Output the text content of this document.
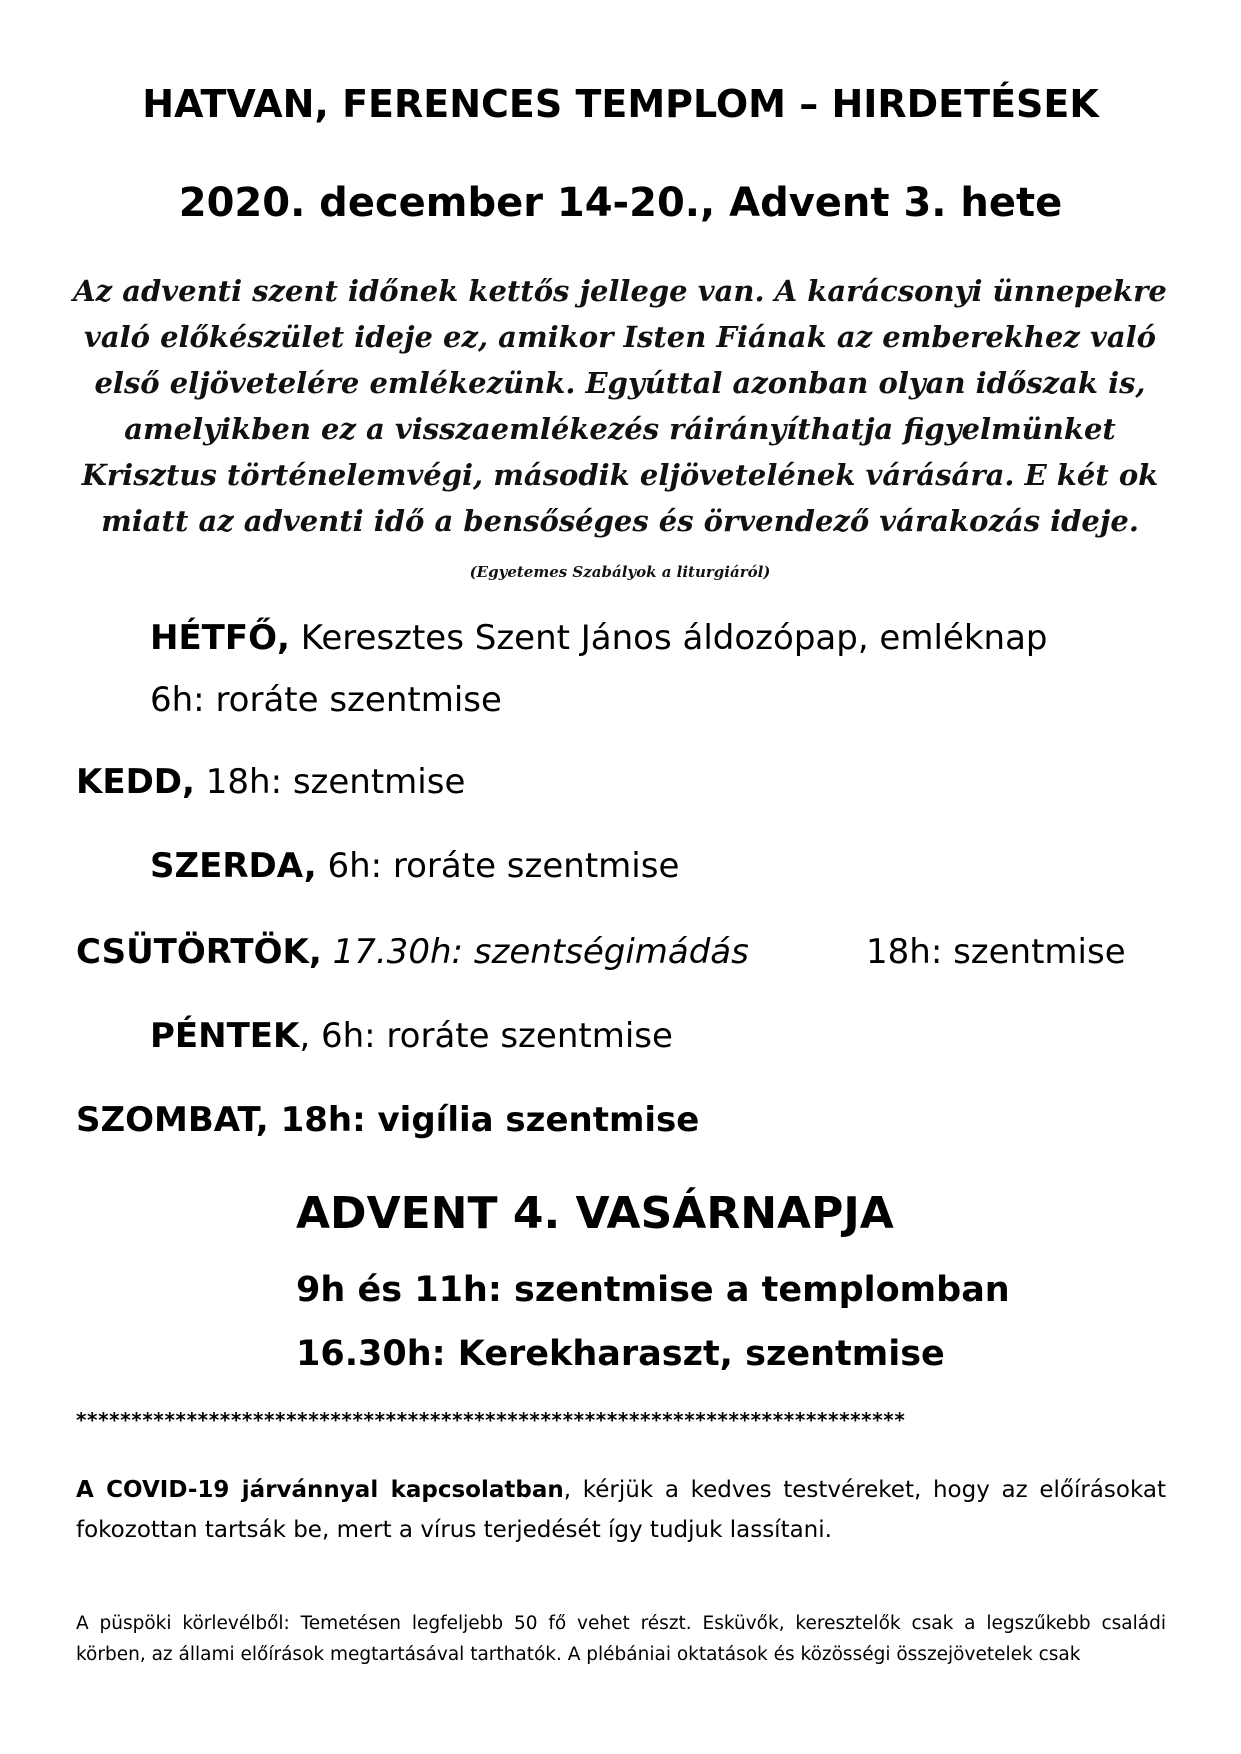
HATVAN, FERENCES TEMPLOM – HIRDETÉSEK
2020. december 14-20., Advent 3. hete
Az adventi szent időnek kettős jellege van. A karácsonyi ünnepekre való előkészület ideje ez, amikor Isten Fiának az emberekhez való első eljövetelére emlékezünk. Egyúttal azonban olyan időszak is, amelyikben ez a visszaemlékezés ráirányíthatja figyelmünket Krisztus történelemvégi, második eljövetelének várására. E két ok miatt az adventi idő a bensőséges és örvendező várakozás ideje. (Egyetemes Szabályok a liturgiáról)
HÉTFŐ, Keresztes Szent János áldozópap, emléknap
6h: roráte szentmise
KEDD, 18h: szentmise
SZERDA, 6h: roráte szentmise
CSÜTÖRTÖK, 17.30h: szentségimádás	18h: szentmise
PÉNTEK, 6h: roráte szentmise
SZOMBAT, 18h: vigília szentmise
ADVENT 4. VASÁRNAPJA
9h és 11h: szentmise a templomban
16.30h: Kerekharaszt, szentmise
***************************************************************************
A COVID-19 járvánnyal kapcsolatban, kérjük a kedves testvéreket, hogy az előírásokat fokozottan tartsák be, mert a vírus terjedését így tudjuk lassítani.
A püspöki körlevélből: Temetésen legfeljebb 50 fő vehet részt. Esküvők, keresztelők csak a legszűkebb családi körben, az állami előírások megtartásával tarthatók. A plébániai oktatások és közösségi összejövetelek csak
